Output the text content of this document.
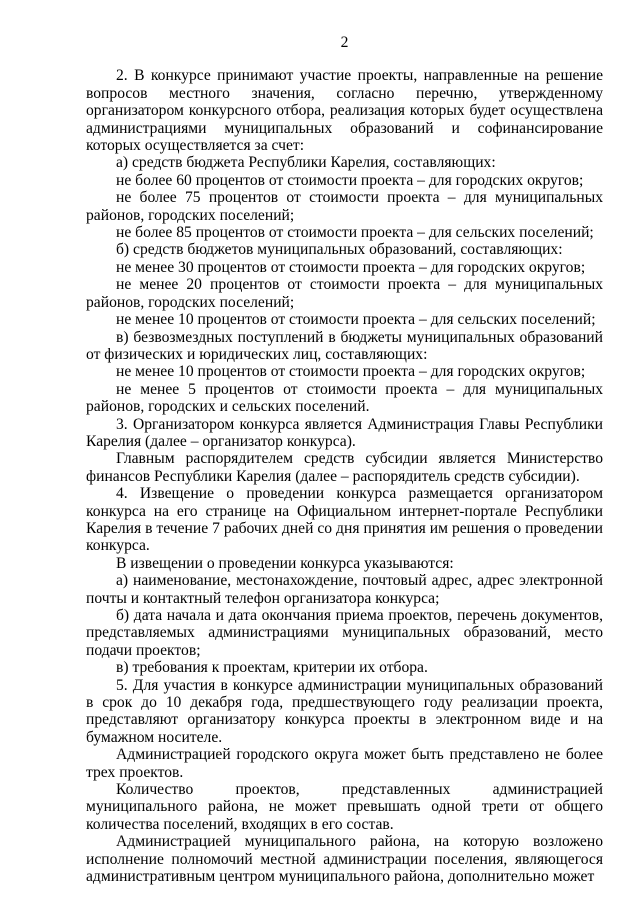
2

2. В конкурсе принимают участие проекты, направленные на решение вопросов местного значения, согласно перечню, утвержденному организатором конкурсного отбора, реализация которых будет осуществлена администрациями муниципальных образований и софинансирование которых осуществляется за счет:

а) средств бюджета Республики Карелия, составляющих:

не более 60 процентов от стоимости проекта – для городских округов;

не более 75 процентов от стоимости проекта – для муниципальных районов, городских поселений;

не более 85 процентов от стоимости проекта – для сельских поселений;

б) средств бюджетов муниципальных образований, составляющих:

не менее 30 процентов от стоимости проекта – для городских округов;

не менее 20 процентов от стоимости проекта – для муниципальных районов, городских поселений;

не менее 10 процентов от стоимости проекта – для сельских поселений;

в) безвозмездных поступлений в бюджеты муниципальных образований от физических и юридических лиц, составляющих:

не менее 10 процентов от стоимости проекта – для городских округов;

не менее 5 процентов от стоимости проекта – для муниципальных районов, городских и сельских поселений.

3. Организатором конкурса является Администрация Главы Республики Карелия (далее – организатор конкурса).

Главным распорядителем средств субсидии является Министерство финансов Республики Карелия (далее – распорядитель средств субсидии).

4. Извещение о проведении конкурса размещается организатором конкурса на его странице на Официальном интернет-портале Республики Карелия в течение 7 рабочих дней со дня принятия им решения о проведении конкурса.

В извещении о проведении конкурса указываются:

а) наименование, местонахождение, почтовый адрес, адрес электронной почты и контактный телефон организатора конкурса;

б) дата начала и дата окончания приема проектов, перечень документов, представляемых администрациями муниципальных образований, место подачи проектов;

в) требования к проектам, критерии их отбора.

5. Для участия в конкурсе администрации муниципальных образований в срок до 10 декабря года, предшествующего году реализации проекта, представляют организатору конкурса проекты в электронном виде и на бумажном носителе.

Администрацией городского округа может быть представлено не более трех проектов.

Количество проектов, представленных администрацией муниципального района, не может превышать одной трети от общего количества поселений, входящих в его состав.

Администрацией муниципального района, на которую возложено исполнение полномочий местной администрации поселения, являющегося административным центром муниципального района, дополнительно может
